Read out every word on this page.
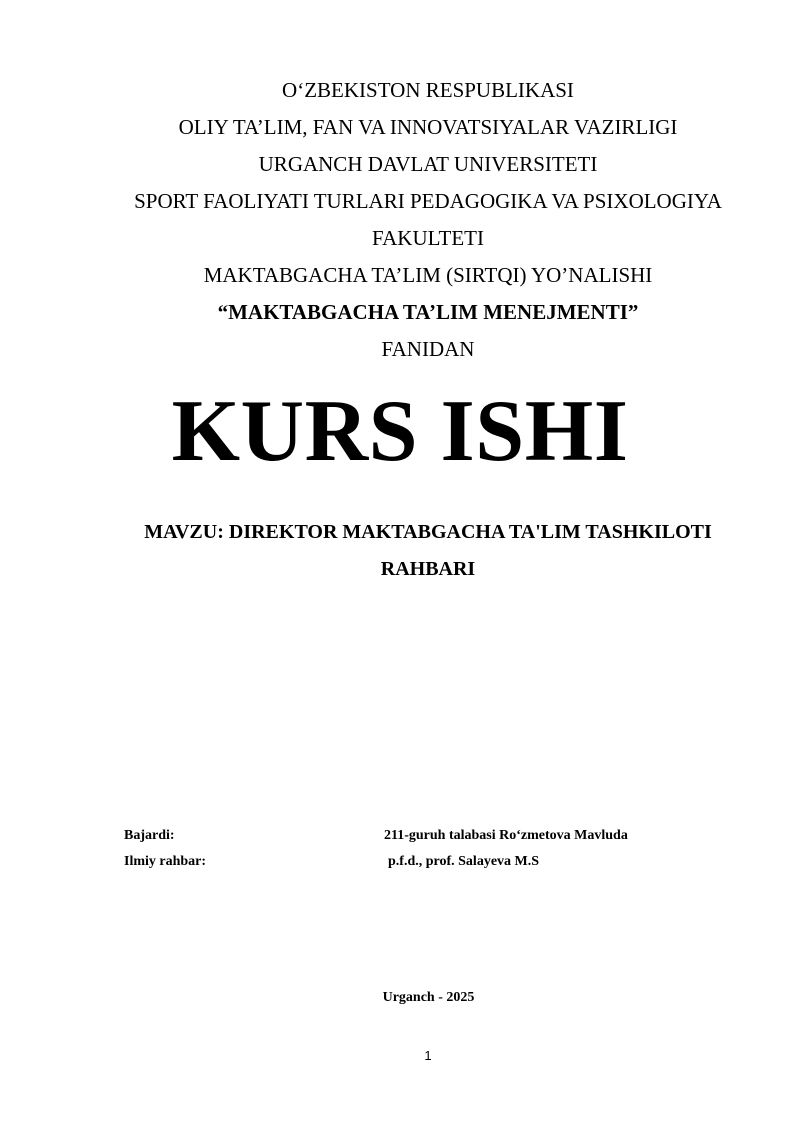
O‘ZBEKISTON RESPUBLIKASI
OLIY TA’LIM, FAN VA INNOVATSIYALAR VAZIRLIGI
URGANCH DAVLAT UNIVERSITETI
SPORT FAOLIYATI TURLARI PEDAGOGIKA VA PSIXOLOGIYA
FAKULTETI
MAKTABGACHA TA’LIM (SIRTQI) YO’NALISHI
“MAKTABGACHA TA’LIM MENEJMENTI”
FANIDAN
KURS ISHI
MAVZU: DIREKTOR MAKTABGACHA TA'LIM TASHKILOTI
RAHBARI
Bajardi:	211-guruh talabasi Ro‘zmetova Mavluda
Ilmiy rahbar:	p.f.d., prof. Salayeva M.S
Urganch - 2025
1
